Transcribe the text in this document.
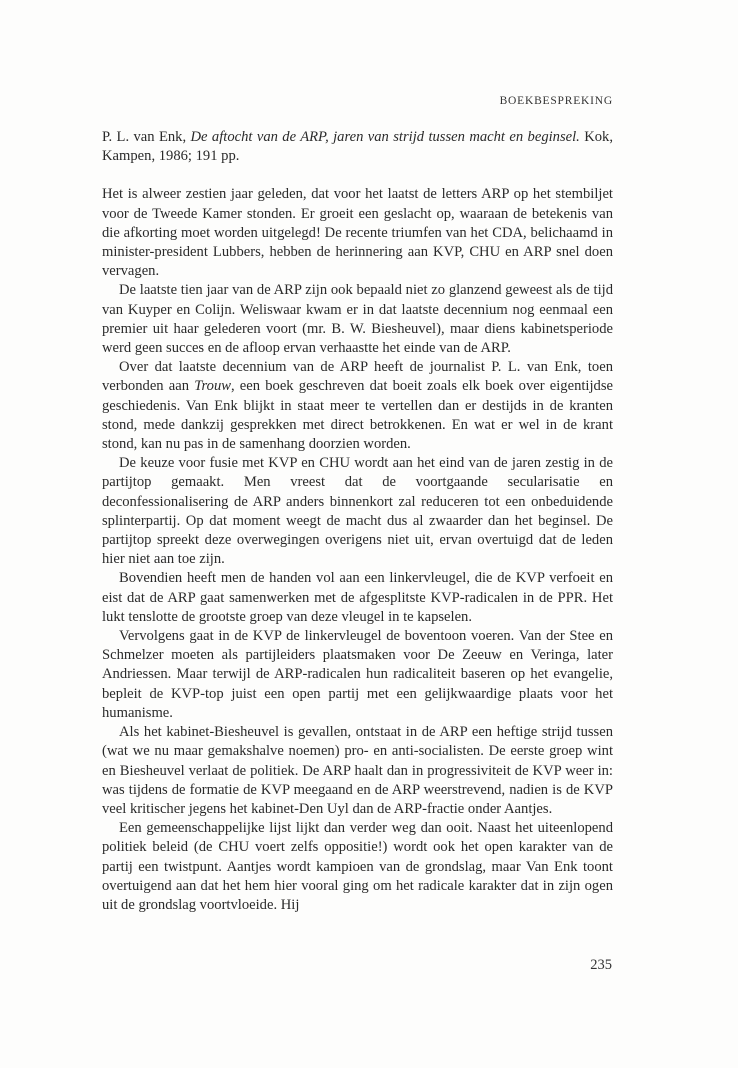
BOEKBESPREKING

P. L. van Enk, De aftocht van de ARP, jaren van strijd tussen macht en beginsel. Kok, Kampen, 1986; 191 pp.

Het is alweer zestien jaar geleden, dat voor het laatst de letters ARP op het stembiljet voor de Tweede Kamer stonden. Er groeit een geslacht op, waaraan de betekenis van die afkorting moet worden uitgelegd! De recente triumfen van het CDA, belichaamd in minister-president Lubbers, hebben de herinnering aan KVP, CHU en ARP snel doen vervagen.

De laatste tien jaar van de ARP zijn ook bepaald niet zo glanzend geweest als de tijd van Kuyper en Colijn. Weliswaar kwam er in dat laatste decennium nog eenmaal een premier uit haar gelederen voort (mr. B. W. Biesheuvel), maar diens kabinetsperiode werd geen succes en de afloop ervan verhaastte het einde van de ARP.

Over dat laatste decennium van de ARP heeft de journalist P. L. van Enk, toen verbonden aan Trouw, een boek geschreven dat boeit zoals elk boek over eigentijdse geschiedenis. Van Enk blijkt in staat meer te vertellen dan er destijds in de kranten stond, mede dankzij gesprekken met direct betrokkenen. En wat er wel in de krant stond, kan nu pas in de samenhang doorzien worden.

De keuze voor fusie met KVP en CHU wordt aan het eind van de jaren zestig in de partijtop gemaakt. Men vreest dat de voortgaande secularisatie en deconfessionalisering de ARP anders binnenkort zal reduceren tot een onbeduidende splinterpartij. Op dat moment weegt de macht dus al zwaarder dan het beginsel. De partijtop spreekt deze overwegingen overigens niet uit, ervan overtuigd dat de leden hier niet aan toe zijn.

Bovendien heeft men de handen vol aan een linkervleugel, die de KVP verfoeit en eist dat de ARP gaat samenwerken met de afgesplitste KVP-radicalen in de PPR. Het lukt tenslotte de grootste groep van deze vleugel in te kapselen.

Vervolgens gaat in de KVP de linkervleugel de boventoon voeren. Van der Stee en Schmelzer moeten als partijleiders plaatsmaken voor De Zeeuw en Veringa, later Andriessen. Maar terwijl de ARP-radicalen hun radicaliteit baseren op het evangelie, bepleit de KVP-top juist een open partij met een gelijkwaardige plaats voor het humanisme.

Als het kabinet-Biesheuvel is gevallen, ontstaat in de ARP een heftige strijd tussen (wat we nu maar gemakshalve noemen) pro- en anti-socialisten. De eerste groep wint en Biesheuvel verlaat de politiek. De ARP haalt dan in progressiviteit de KVP weer in: was tijdens de formatie de KVP meegaand en de ARP weerstrevend, nadien is de KVP veel kritischer jegens het kabinet-Den Uyl dan de ARP-fractie onder Aantjes.

Een gemeenschappelijke lijst lijkt dan verder weg dan ooit. Naast het uiteenlopend politiek beleid (de CHU voert zelfs oppositie!) wordt ook het open karakter van de partij een twistpunt. Aantjes wordt kampioen van de grondslag, maar Van Enk toont overtuigend aan dat het hem hier vooral ging om het radicale karakter dat in zijn ogen uit de grondslag voortvloeide. Hij

235
